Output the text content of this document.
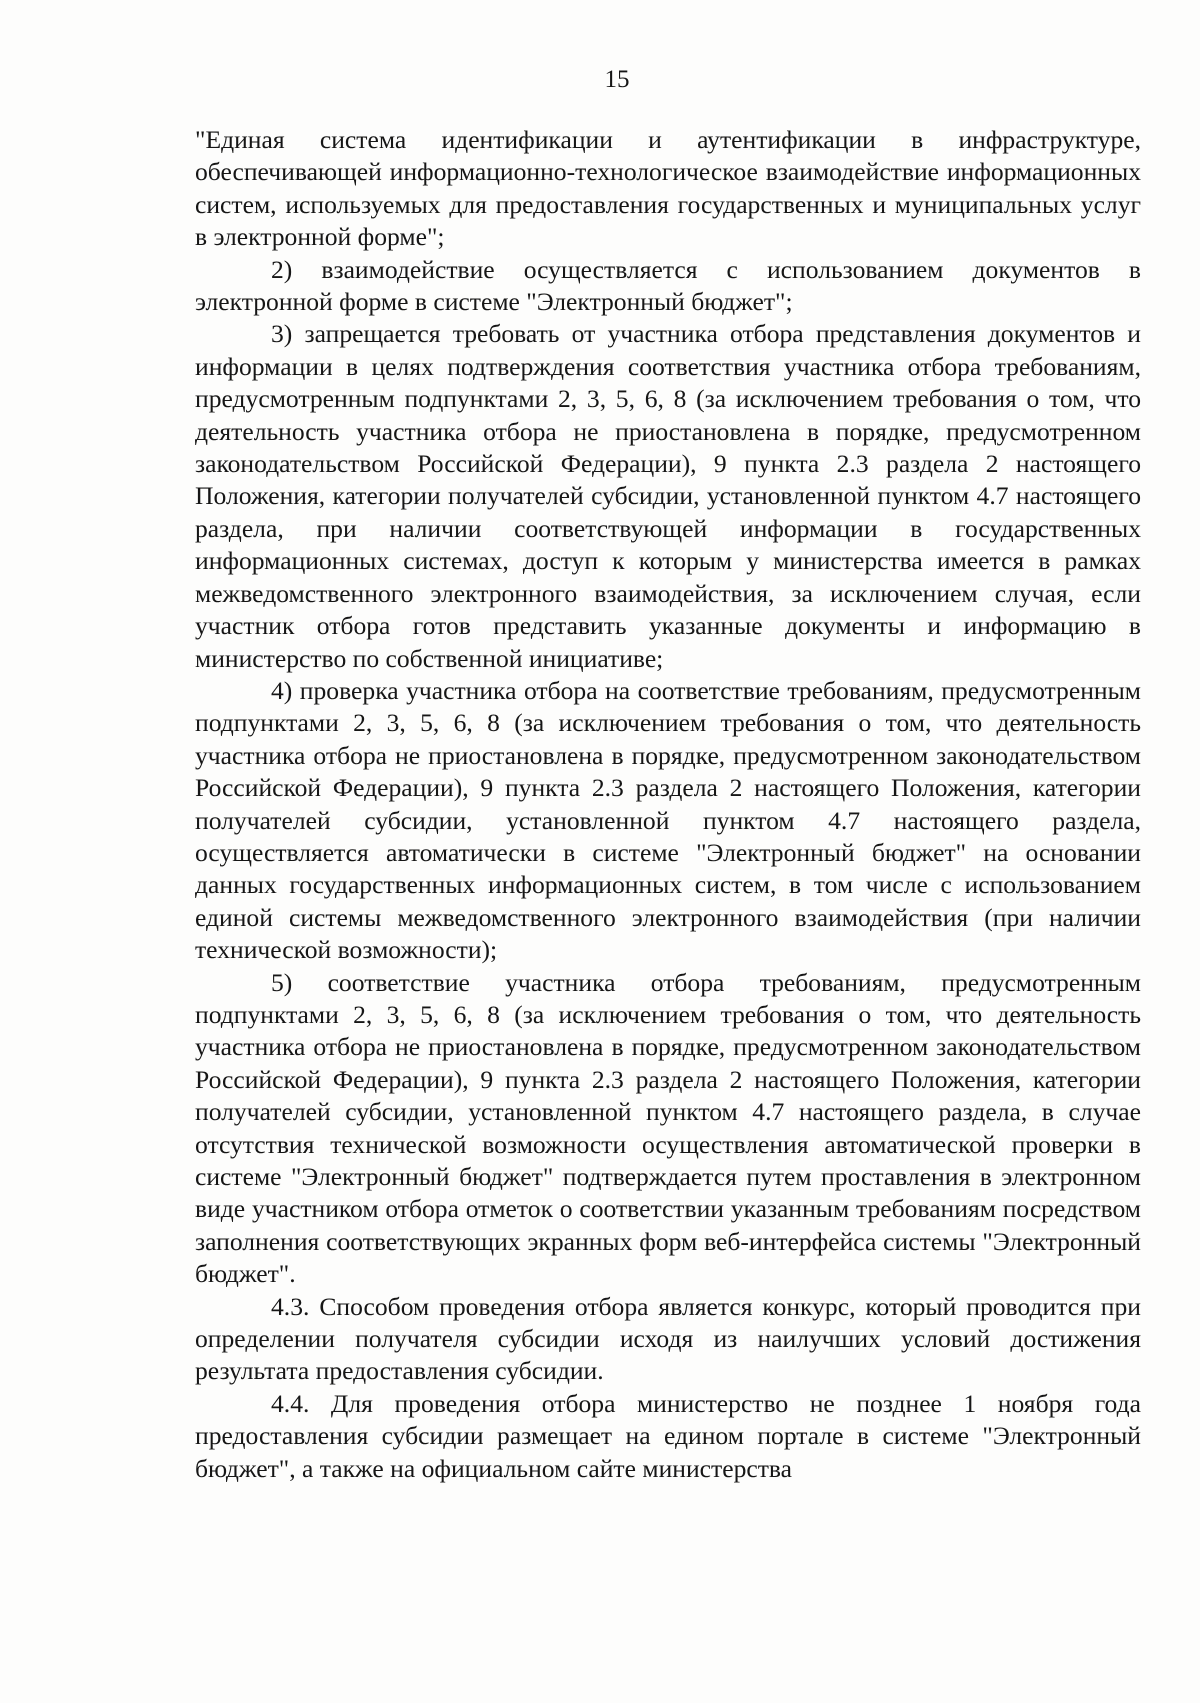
15

"Единая система идентификации и аутентификации в инфраструктуре, обеспечивающей информационно-технологическое взаимодействие информационных систем, используемых для предоставления государственных и муниципальных услуг в электронной форме";

2) взаимодействие осуществляется с использованием документов в электронной форме в системе "Электронный бюджет";

3) запрещается требовать от участника отбора представления документов и информации в целях подтверждения соответствия участника отбора требованиям, предусмотренным подпунктами 2, 3, 5, 6, 8 (за исключением требования о том, что деятельность участника отбора не приостановлена в порядке, предусмотренном законодательством Российской Федерации), 9 пункта 2.3 раздела 2 настоящего Положения, категории получателей субсидии, установленной пунктом 4.7 настоящего раздела, при наличии соответствующей информации в государственных информационных системах, доступ к которым у министерства имеется в рамках межведомственного электронного взаимодействия, за исключением случая, если участник отбора готов представить указанные документы и информацию в министерство по собственной инициативе;

4) проверка участника отбора на соответствие требованиям, предусмотренным подпунктами 2, 3, 5, 6, 8 (за исключением требования о том, что деятельность участника отбора не приостановлена в порядке, предусмотренном законодательством Российской Федерации), 9 пункта 2.3 раздела 2 настоящего Положения, категории получателей субсидии, установленной пунктом 4.7 настоящего раздела, осуществляется автоматически в системе "Электронный бюджет" на основании данных государственных информационных систем, в том числе с использованием единой системы межведомственного электронного взаимодействия (при наличии технической возможности);

5) соответствие участника отбора требованиям, предусмотренным подпунктами 2, 3, 5, 6, 8 (за исключением требования о том, что деятельность участника отбора не приостановлена в порядке, предусмотренном законодательством Российской Федерации), 9 пункта 2.3 раздела 2 настоящего Положения, категории получателей субсидии, установленной пунктом 4.7 настоящего раздела, в случае отсутствия технической возможности осуществления автоматической проверки в системе "Электронный бюджет" подтверждается путем проставления в электронном виде участником отбора отметок о соответствии указанным требованиям посредством заполнения соответствующих экранных форм веб-интерфейса системы "Электронный бюджет".

4.3. Способом проведения отбора является конкурс, который проводится при определении получателя субсидии исходя из наилучших условий достижения результата предоставления субсидии.

4.4. Для проведения отбора министерство не позднее 1 ноября года предоставления субсидии размещает на едином портале в системе "Электронный бюджет", а также на официальном сайте министерства
